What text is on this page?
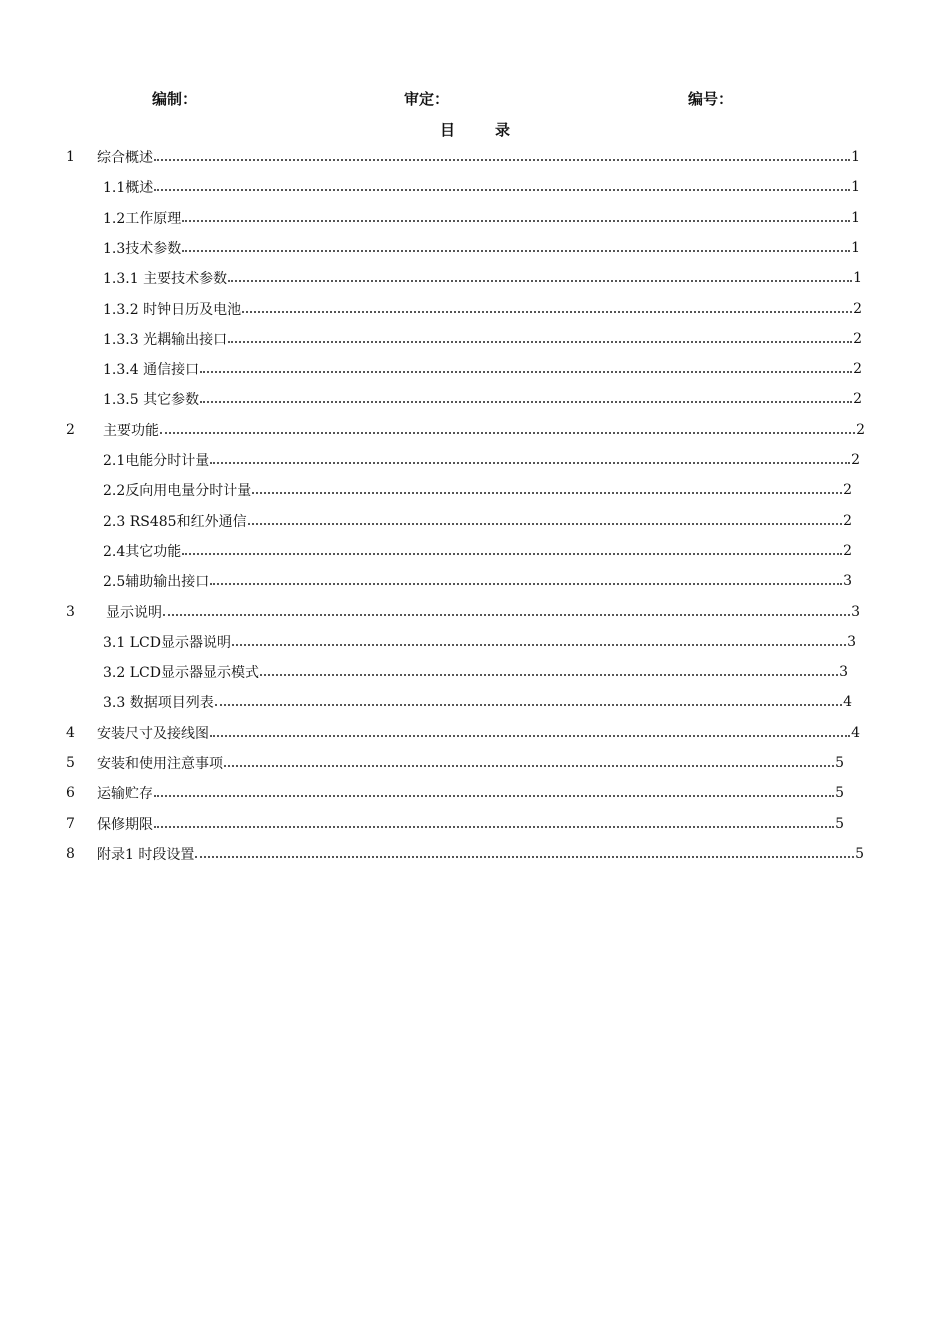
编制：	审定：	编号：
目录
1	综合概述	1
1.1概述	1
1.2工作原理	1
1.3技术参数	1
1.3.1 主要技术参数	1
1.3.2 时钟日历及电池	2
1.3.3 光耦输出接口	2
1.3.4 通信接口	2
1.3.5 其它参数	2
2	主要功能	2
2.1电能分时计量	2
2.2反向用电量分时计量	2
2.3 RS485和红外通信	2
2.4其它功能	2
2.5辅助输出接口	3
3	显示说明	3
3.1 LCD显示器说明	3
3.2 LCD显示器显示模式	3
3.3 数据项目列表	4
4	安装尺寸及接线图	4
5	安装和使用注意事项	5
6	运输贮存	5
7	保修期限	5
8	附录1 时段设置	5
